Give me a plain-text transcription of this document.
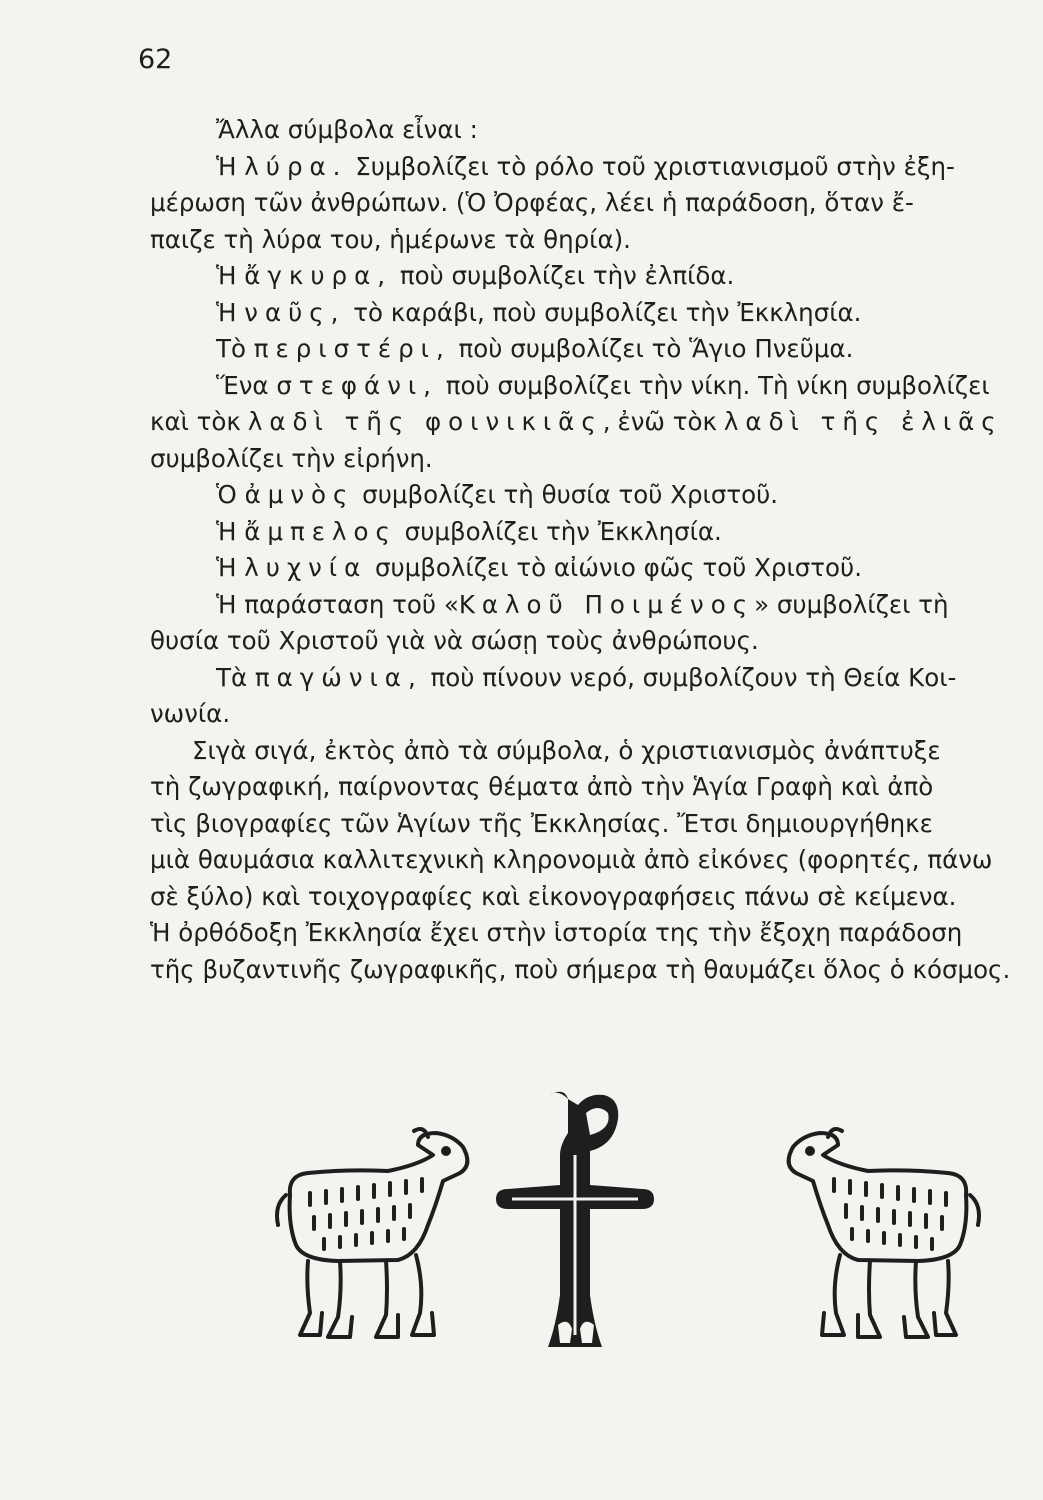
62
Ἄλλα σύμβολα εἶναι :
Ἡ λύρα. Συμβολίζει τὸ ρόλο τοῦ χριστιανισμοῦ στὴν ἐξη-
μέρωση τῶν ἀνθρώπων. (Ὁ Ὀρφέας, λέει ἡ παράδοση, ὅταν ἔ-
παιζε τὴ λύρα του, ἡμέρωνε τὰ θηρία).
Ἡ ἄγκυρα, ποὺ συμβολίζει τὴν ἐλπίδα.
Ἡ ναῦς, τὸ καράβι, ποὺ συμβολίζει τὴν Ἐκκλησία.
Τὸ περιστέρι, ποὺ συμβολίζει τὸ Ἅγιο Πνεῦμα.
Ἕνα στεφάνι, ποὺ συμβολίζει τὴν νίκη. Τὴ νίκη συμβολίζει
καὶ τὸ κλαδὶ τῆς φοινικιᾶς, ἐνῶ τὸ κλαδὶ τῆς ἐλιᾶς
συμβολίζει τὴν εἰρήνη.
Ὁ ἀμνὸς συμβολίζει τὴ θυσία τοῦ Χριστοῦ.
Ἡ ἄμπελος συμβολίζει τὴν Ἐκκλησία.
Ἡ λυχνία συμβολίζει τὸ αἰώνιο φῶς τοῦ Χριστοῦ.
Ἡ παράσταση τοῦ «Καλοῦ Ποιμένος» συμβολίζει τὴ
θυσία τοῦ Χριστοῦ γιὰ νὰ σώσῃ τοὺς ἀνθρώπους.
Τὰ παγώνια, ποὺ πίνουν νερό, συμβολίζουν τὴ Θεία Κοι-
νωνία.
Σιγὰ σιγά, ἐκτὸς ἀπὸ τὰ σύμβολα, ὁ χριστιανισμὸς ἀνάπτυξε
τὴ ζωγραφική, παίρνοντας θέματα ἀπὸ τὴν Ἁγία Γραφὴ καὶ ἀπὸ
τὶς βιογραφίες τῶν Ἁγίων τῆς Ἐκκλησίας. Ἔτσι δημιουργήθηκε
μιὰ θαυμάσια καλλιτεχνικὴ κληρονομιὰ ἀπὸ εἰκόνες (φορητές, πάνω
σὲ ξύλο) καὶ τοιχογραφίες καὶ εἰκονογραφήσεις πάνω σὲ κείμενα.
Ἡ ὀρθόδοξη Ἐκκλησία ἔχει στὴν ἱστορία της τὴν ἔξοχη παράδοση
τῆς βυζαντινῆς ζωγραφικῆς, ποὺ σήμερα τὴ θαυμάζει ὅλος ὁ κόσμος.
